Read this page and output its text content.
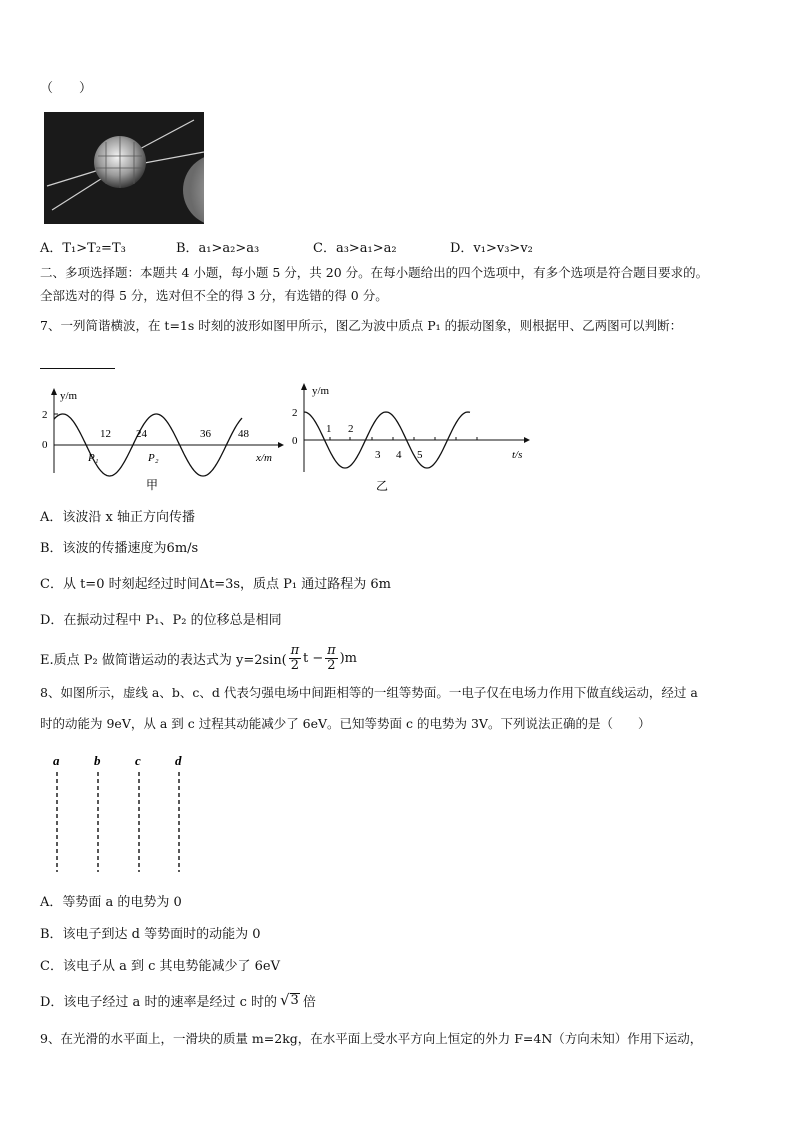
（　　）
A．T₁>T₂=T₃	B．a₁>a₂>a₃	C．a₃>a₁>a₂	D．v₁>v₃>v₂
二、多项选择题：本题共 4 小题，每小题 5 分，共 20 分。在每小题给出的四个选项中，有多个选项是符合题目要求的。
全部选对的得 5 分，选对但不全的得 3 分，有选错的得 0 分。
7、一列简谐横波，在 t=1s 时刻的波形如图甲所示，图乙为波中质点 P₁ 的振动图象，则根据甲、乙两图可以判断：
y/m
2
0
12 24	36 48
P₁	P₂	x/m
甲
y/m
2
0
1 2
3 4 5	t/s
乙
A．该波沿 x 轴正方向传播
B．该波的传播速度为6m/s
C．从 t=0 时刻起经过时间Δt=3s，质点 P₁ 通过路程为 6m
D．在振动过程中 P₁、P₂ 的位移总是相同
E.质点 P₂ 做简谐运动的表达式为 y=2sin(
π
2 $t - \frac{\pi}{2} )m$
8、如图所示，虚线 a、b、c、d 代表匀强电场中间距相等的一组等势面。一电子仅在电场力作用下做直线运动，经过 a
时的动能为 9eV，从 a 到 c 过程其动能减少了 6eV。已知等势面 c 的电势为 3V。下列说法正确的是（　　）
a	b	c	d
A．等势面 a 的电势为 0
B．该电子到达 d 等势面时的动能为 0
C．该电子从 a 到 c 其电势能减少了 6eV
D．该电子经过 a 时的速率是经过 c 时的 √ 3 倍
9、在光滑的水平面上，一滑块的质量 m=2kg，在水平面上受水平方向上恒定的外力 F=4N（方向未知）作用下运动，
